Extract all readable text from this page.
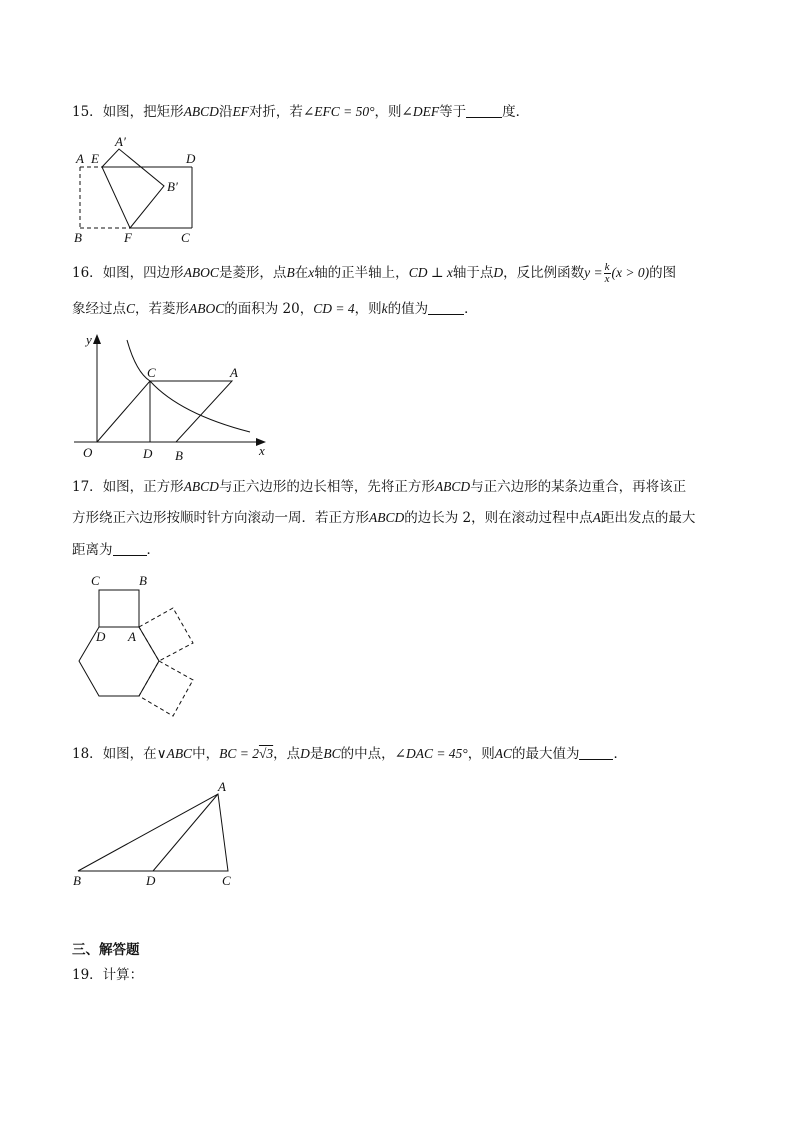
15．如图，把矩形ABCD沿EF对折，若∠EFC = 50°，则∠DEF等于	度．
A E
A′
D
B′
B	F	C
16．如图，四边形ABOC是菱形，点B在x轴的正半轴上，CD ⊥ x轴于点D，反比例函数$y = \frac{k}{x} (x > 0)$的图
象经过点C，若菱形ABOC的面积为 20，CD = 4，则k的值为	．
y
C	A
O	D B	x
17．如图，正方形ABCD与正六边形的边长相等，先将正方形ABCD与正六边形的某条边重合，再将该正
方形绕正六边形按顺时针方向滚动一周．若正方形ABCD的边长为 2，则在滚动过程中点A距出发点的最大
距离为	．
C	B
D A
18．如图，在∨ABC中，BC = 2√3，点D是BC的中点，∠DAC = 45°，则AC的最大值为	．
A
B	D	C
三、解答题
19．计算：
